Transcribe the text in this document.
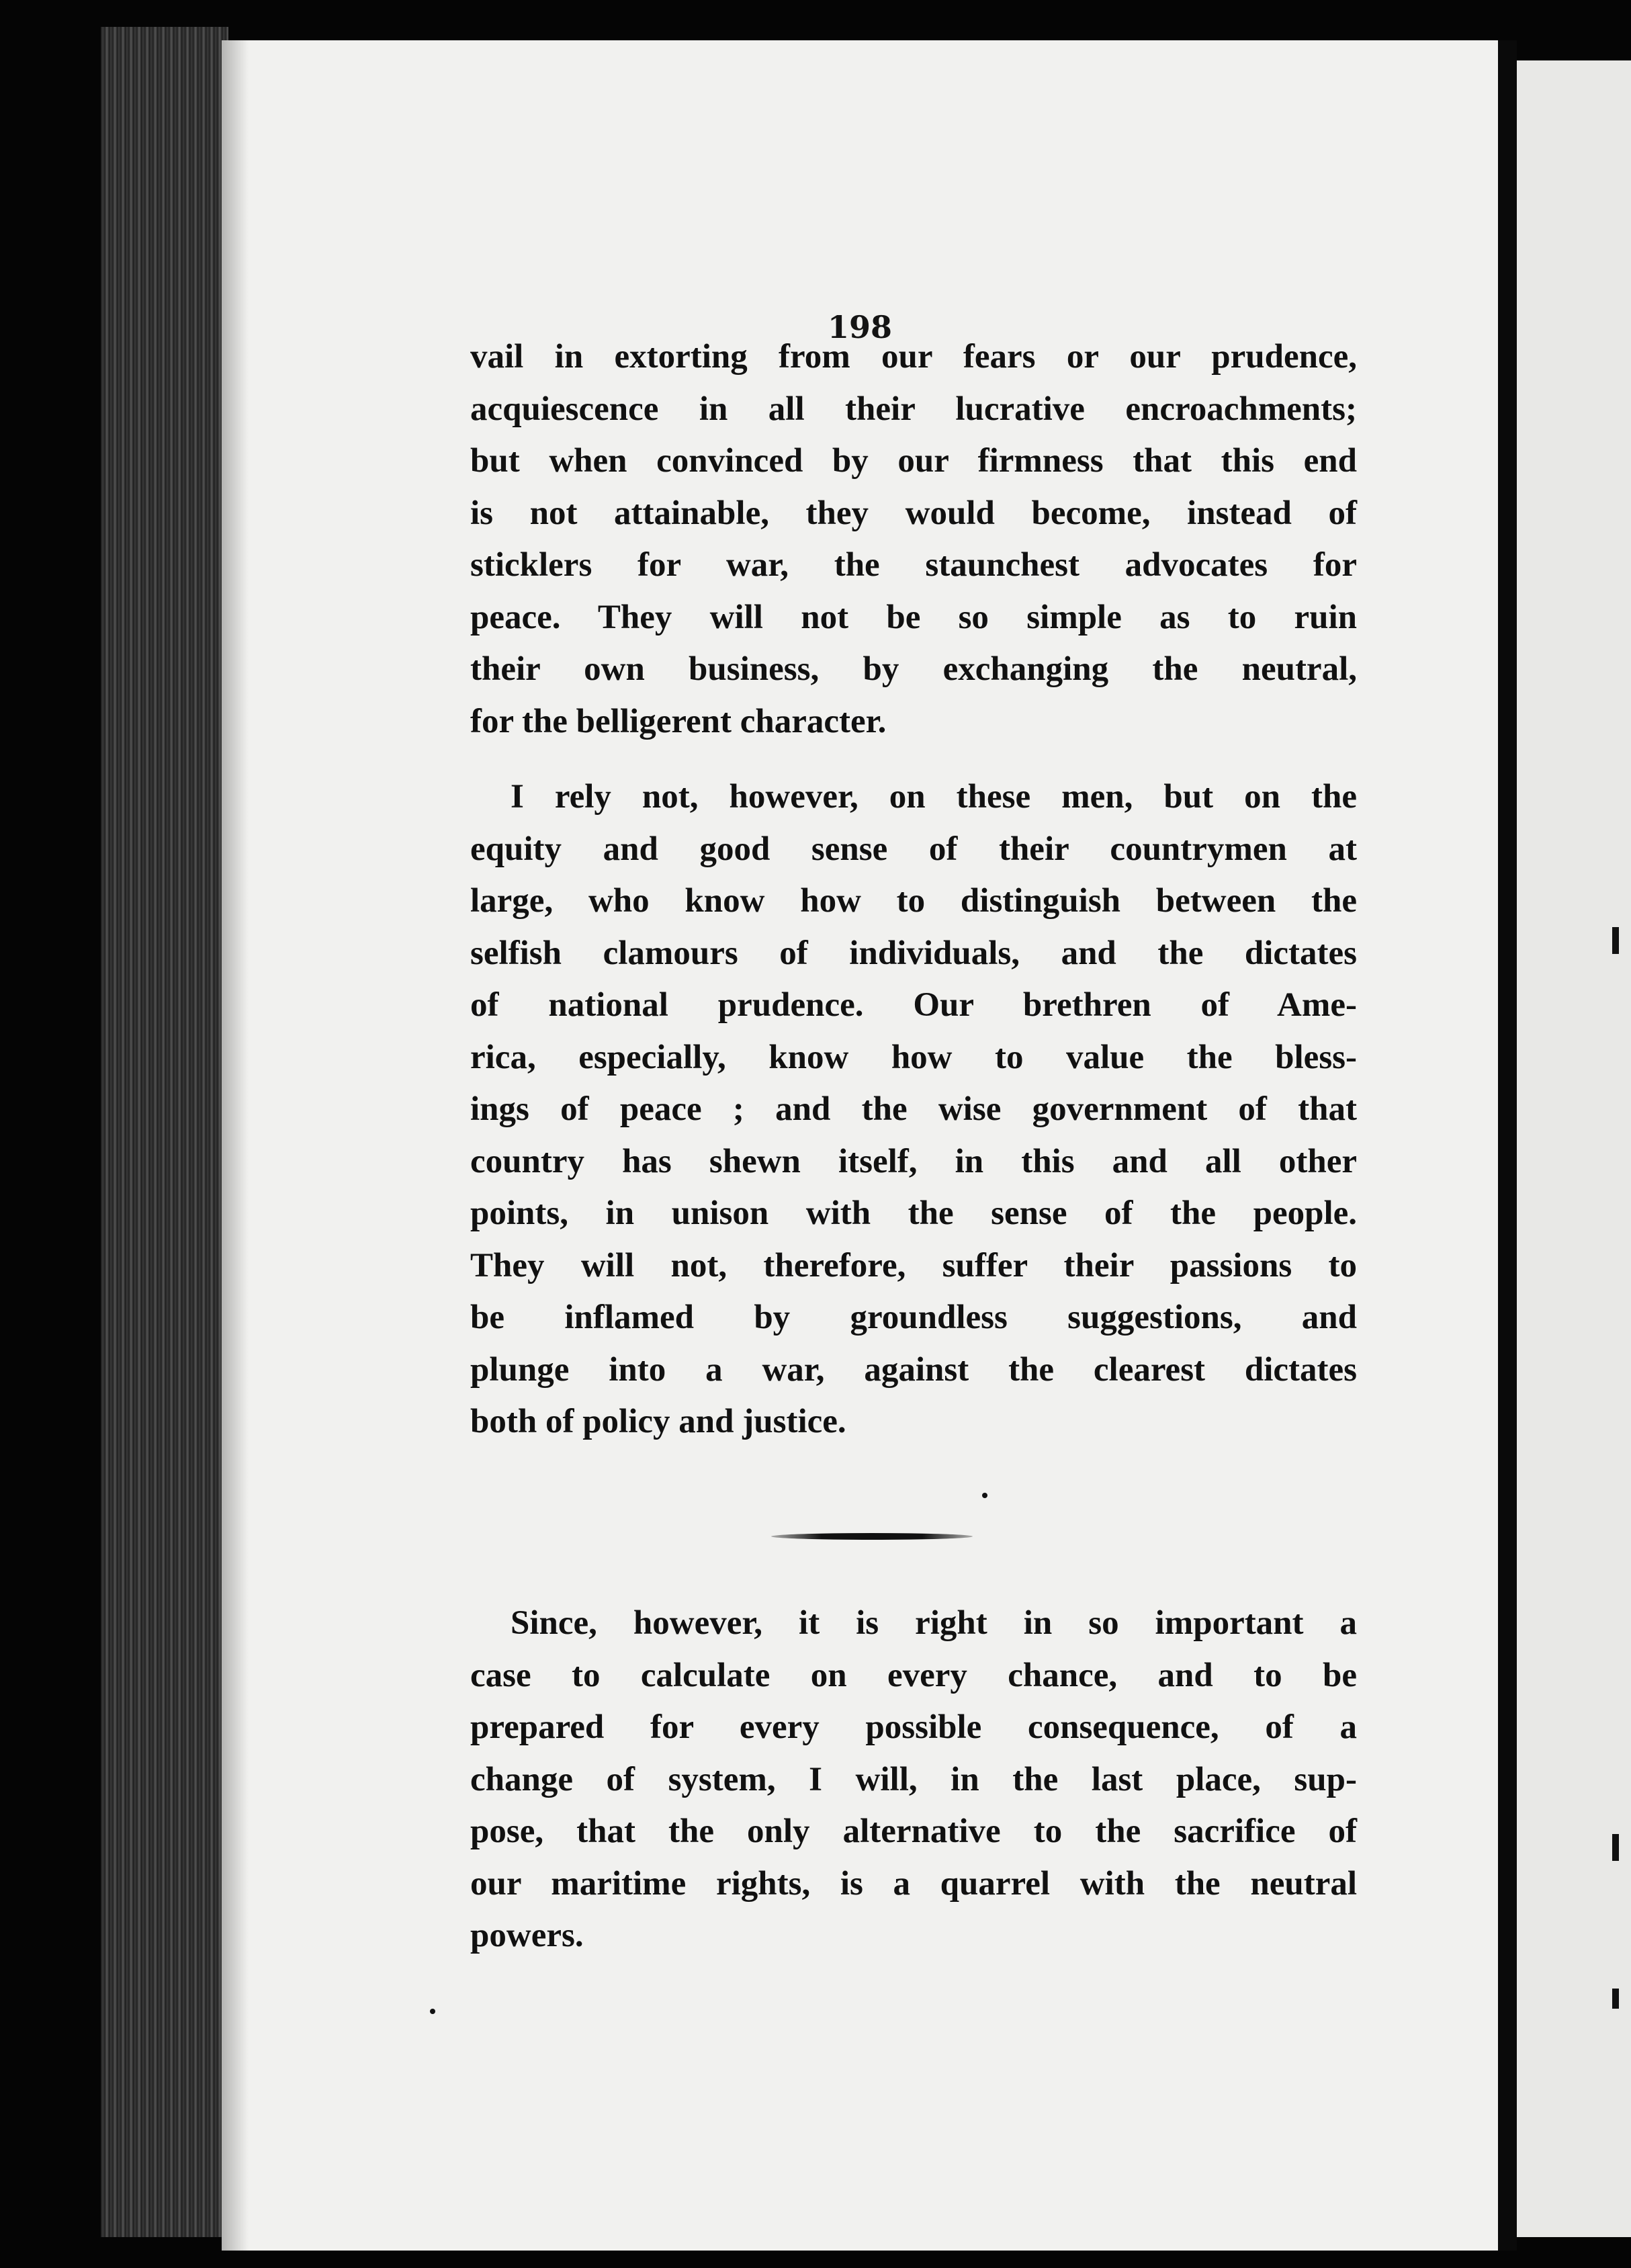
198
vail in extorting from our fears or our prudence,
acquiescence in all their lucrative encroachments;
but when convinced by our firmness that this end
is not attainable, they would become, instead of
sticklers for war, the staunchest advocates for
peace. They will not be so simple as to ruin
their own business, by exchanging the neutral,
for the belligerent character.
I rely not, however, on these men, but on the
equity and good sense of their countrymen at
large, who know how to distinguish between the
selfish clamours of individuals, and the dictates
of national prudence. Our brethren of Ame-
rica, especially, know how to value the bless-
ings of peace ; and the wise government of that
country has shewn itself, in this and all other
points, in unison with the sense of the people.
They will not, therefore, suffer their passions to
be inflamed by groundless suggestions, and
plunge into a war, against the clearest dictates
both of policy and justice.
Since, however, it is right in so important a
case to calculate on every chance, and to be
prepared for every possible consequence, of a
change of system, I will, in the last place, sup-
pose, that the only alternative to the sacrifice of
our maritime rights, is a quarrel with the neutral
powers.
